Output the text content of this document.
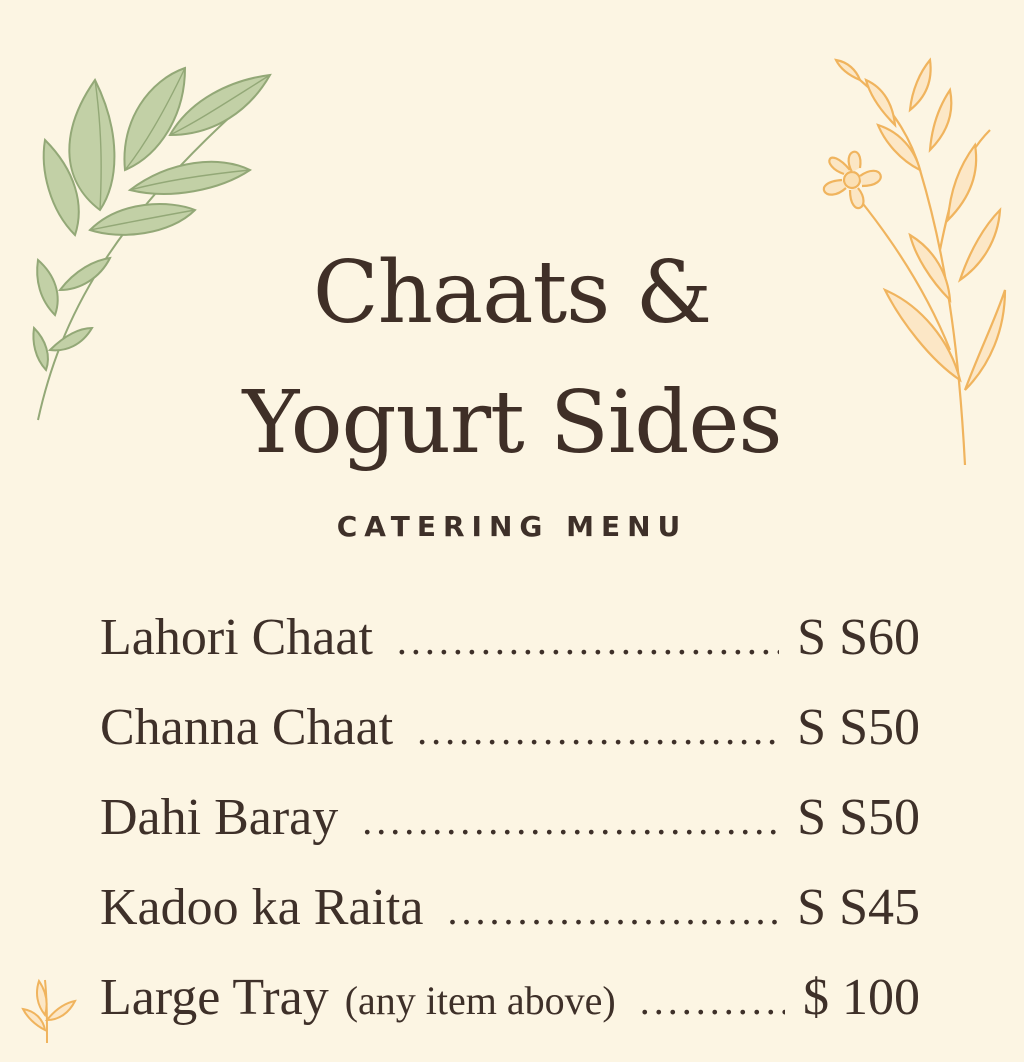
Chaats &
Yogurt Sides
CATERING MENU
Lahori Chaat .....	S S60
Channa Chaat .....	S S50
Dahi Baray .....	S S50
Kadoo ka Raita .....	S S45
Large Tray (any item above) .....	$ 100
